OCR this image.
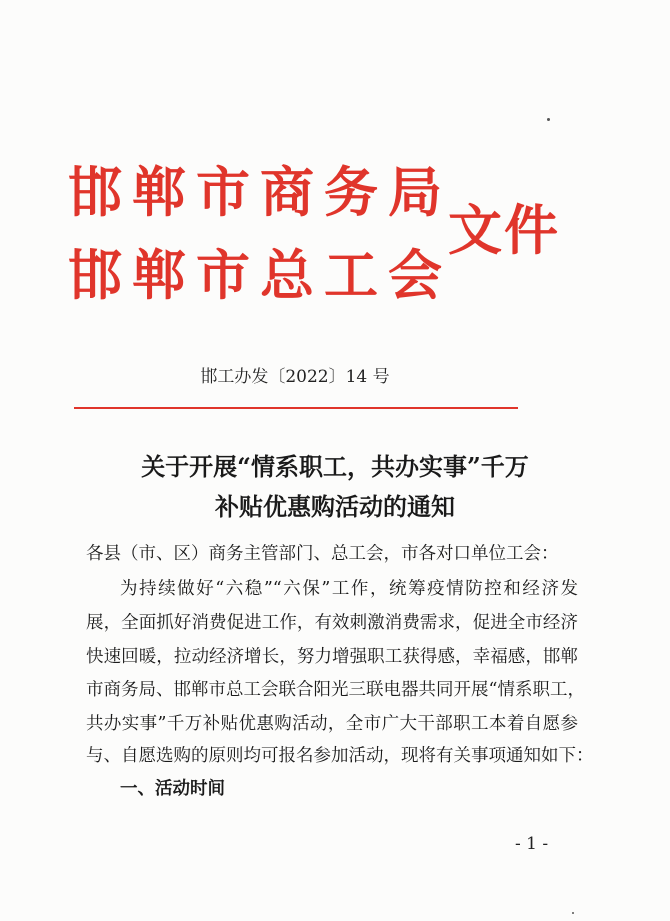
邯郸市商务局
邯郸市总工会
文件
邯工办发〔2022〕14 号
关于开展“情系职工，共办实事”千万
补贴优惠购活动的通知
各县（市、区）商务主管部门、总工会，市各对口单位工会：
为持续做好“六稳”“六保”工作，统筹疫情防控和经济发
展，全面抓好消费促进工作，有效刺激消费需求，促进全市经济
快速回暖，拉动经济增长，努力增强职工获得感，幸福感，邯郸
市商务局、邯郸市总工会联合阳光三联电器共同开展“情系职工，
共办实事”千万补贴优惠购活动，全市广大干部职工本着自愿参
与、自愿选购的原则均可报名参加活动，现将有关事项通知如下：
一、活动时间
- 1 -
